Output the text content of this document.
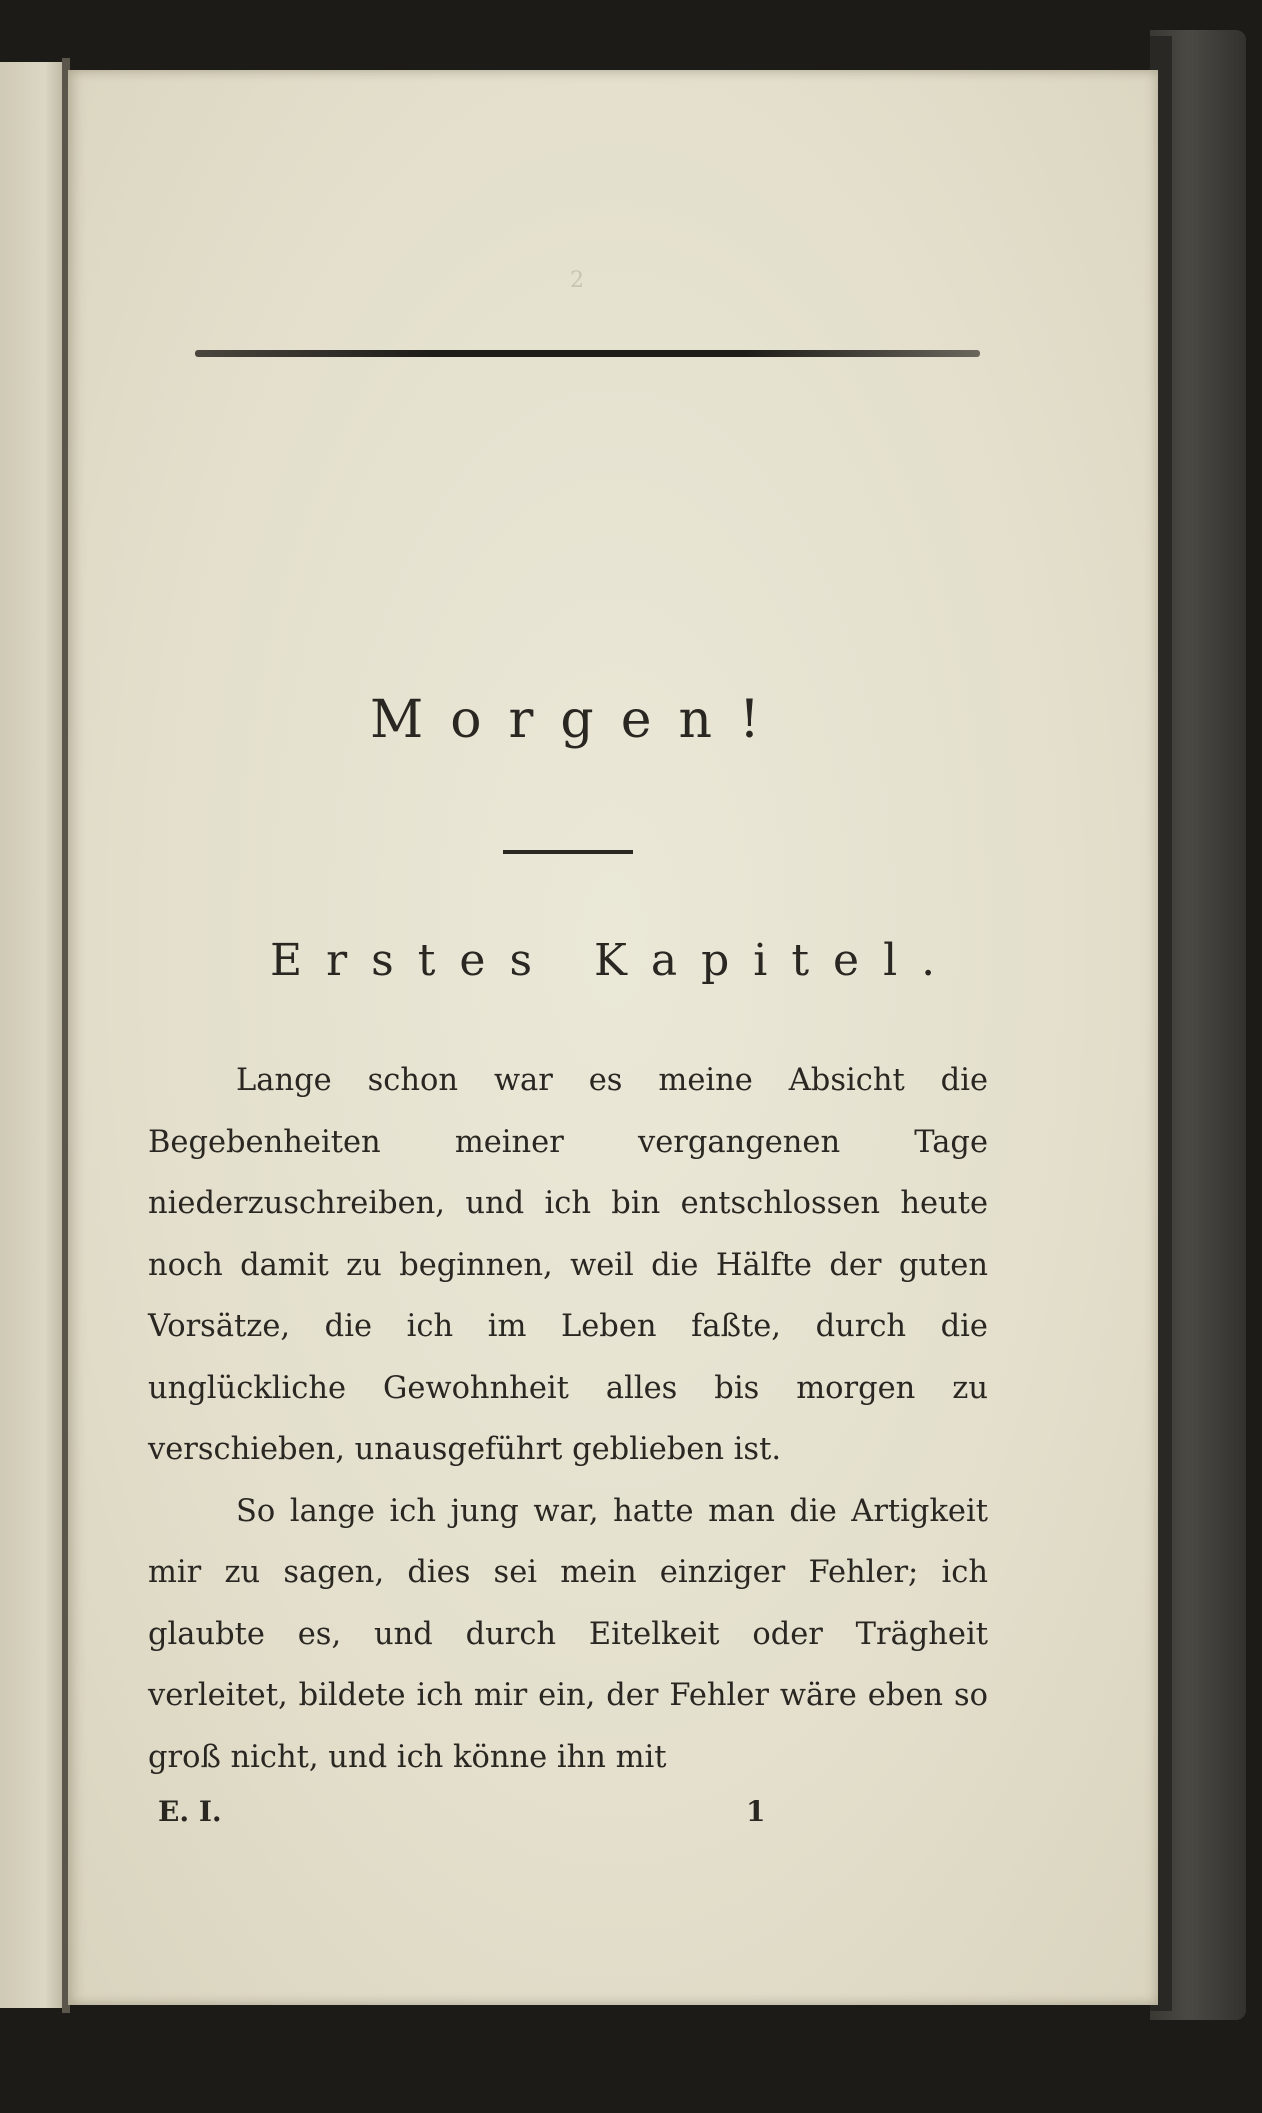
2
Morgen!
Erstes Kapitel.

Lange schon war es meine Absicht die Begebenheiten meiner vergangenen Tage niederzuschreiben, und ich bin entschlossen heute noch damit zu beginnen, weil die Hälfte der guten Vorsätze, die ich im Leben faßte, durch die unglückliche Gewohnheit alles bis morgen zu verschieben, unausgeführt geblieben ist.

So lange ich jung war, hatte man die Artigkeit mir zu sagen, dies sei mein einziger Fehler; ich glaubte es, und durch Eitelkeit oder Trägheit verleitet, bildete ich mir ein, der Fehler wäre eben so groß nicht, und ich könne ihn mit

E. I.	1
